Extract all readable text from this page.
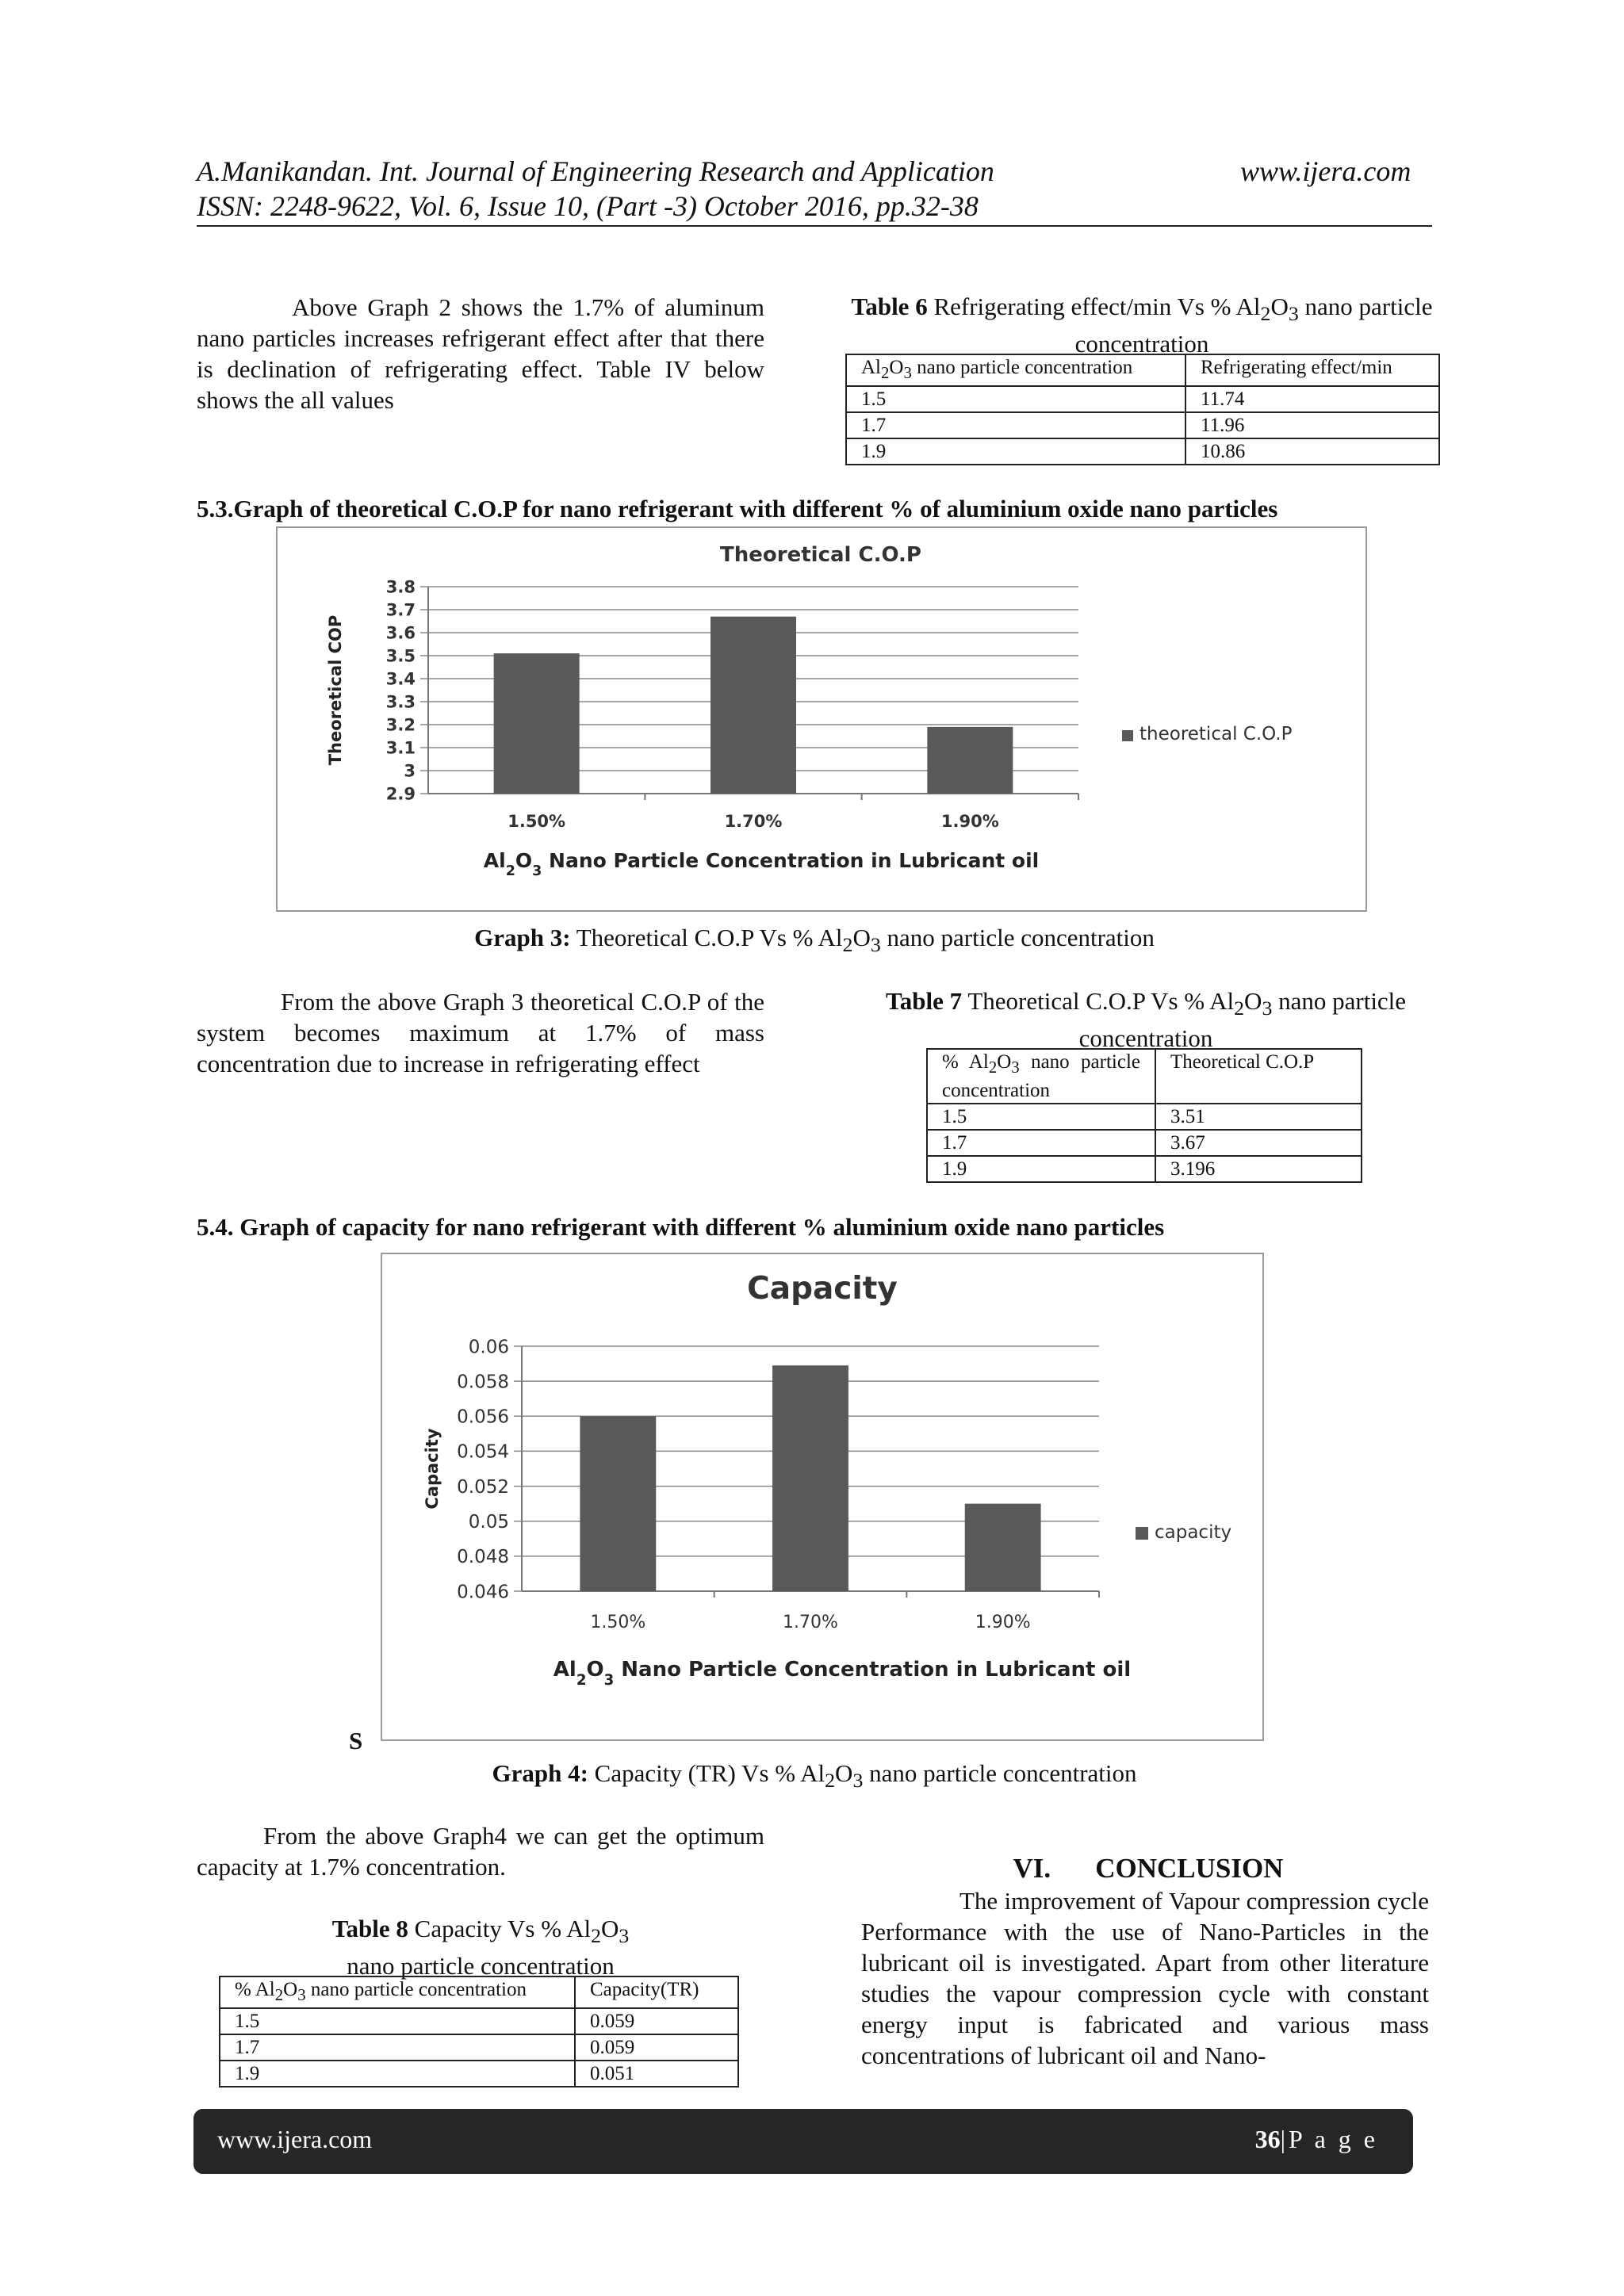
A.Manikandan. Int. Journal of Engineering Research and Application	www.ijera.com
ISSN: 2248-9622, Vol. 6, Issue 10, (Part -3) October 2016, pp.32-38
Above Graph 2 shows the 1.7% of aluminum nano particles increases refrigerant effect after that there is declination of refrigerating effect. Table IV below shows the all values
Table 6 Refrigerating effect/min Vs % $Al_2O_3$ nano particle concentration
$Al_2O_3$ nano particle concentration	Refrigerating effect/min
1.5	11.74
1.7	11.96
1.9	10.86
5.3.Graph of theoretical C.O.P for nano refrigerant with different % of aluminium oxide nano particles
Theoretical C.O.P
2.9
3
3.1
3.2
3.3
3.4
3.5
3.6
3.7
3.8
1.50%	1.70%	1.90%
Theoretical COP
$Al_2O_3$ Nano Particle Concentration in Lubricant oil
theoretical C.O.P
Graph 3: Theoretical C.O.P Vs % $Al_2O_3$ nano particle concentration
From the above Graph 3 theoretical C.O.P of the system becomes maximum at 1.7% of mass concentration due to increase in refrigerating effect
Table 7 Theoretical C.O.P Vs % $Al_2O_3$ nano particle concentration
% $Al_2O_3$ nano particle concentration	Theoretical C.O.P
1.5	3.51
1.7	3.67
1.9	3.196
5.4. Graph of capacity for nano refrigerant with different % aluminium oxide nano particles
Capacity
0.046
0.048
0.05
0.052
0.054
0.056
0.058
0.06
1.50%	1.70%	1.90%
Capacity
$Al_2O_3$ Nano Particle Concentration in Lubricant oil
capacity
S
Graph 4: Capacity (TR) Vs % $Al_2O_3$ nano particle concentration
From the above Graph4 we can get the optimum capacity at 1.7% concentration.
Table 8 Capacity Vs % $Al_2O_3$
nano particle concentration
% $Al_2O_3$ nano particle concentration	Capacity(TR)
1.5	0.059
1.7	0.059
1.9	0.051
VI. CONCLUSION
The improvement of Vapour compression cycle Performance with the use of Nano-Particles in the lubricant oil is investigated. Apart from other literature studies the vapour compression cycle with constant energy input is fabricated and various mass concentrations of lubricant oil and Nano-
www.ijera.com	36|P a g e
